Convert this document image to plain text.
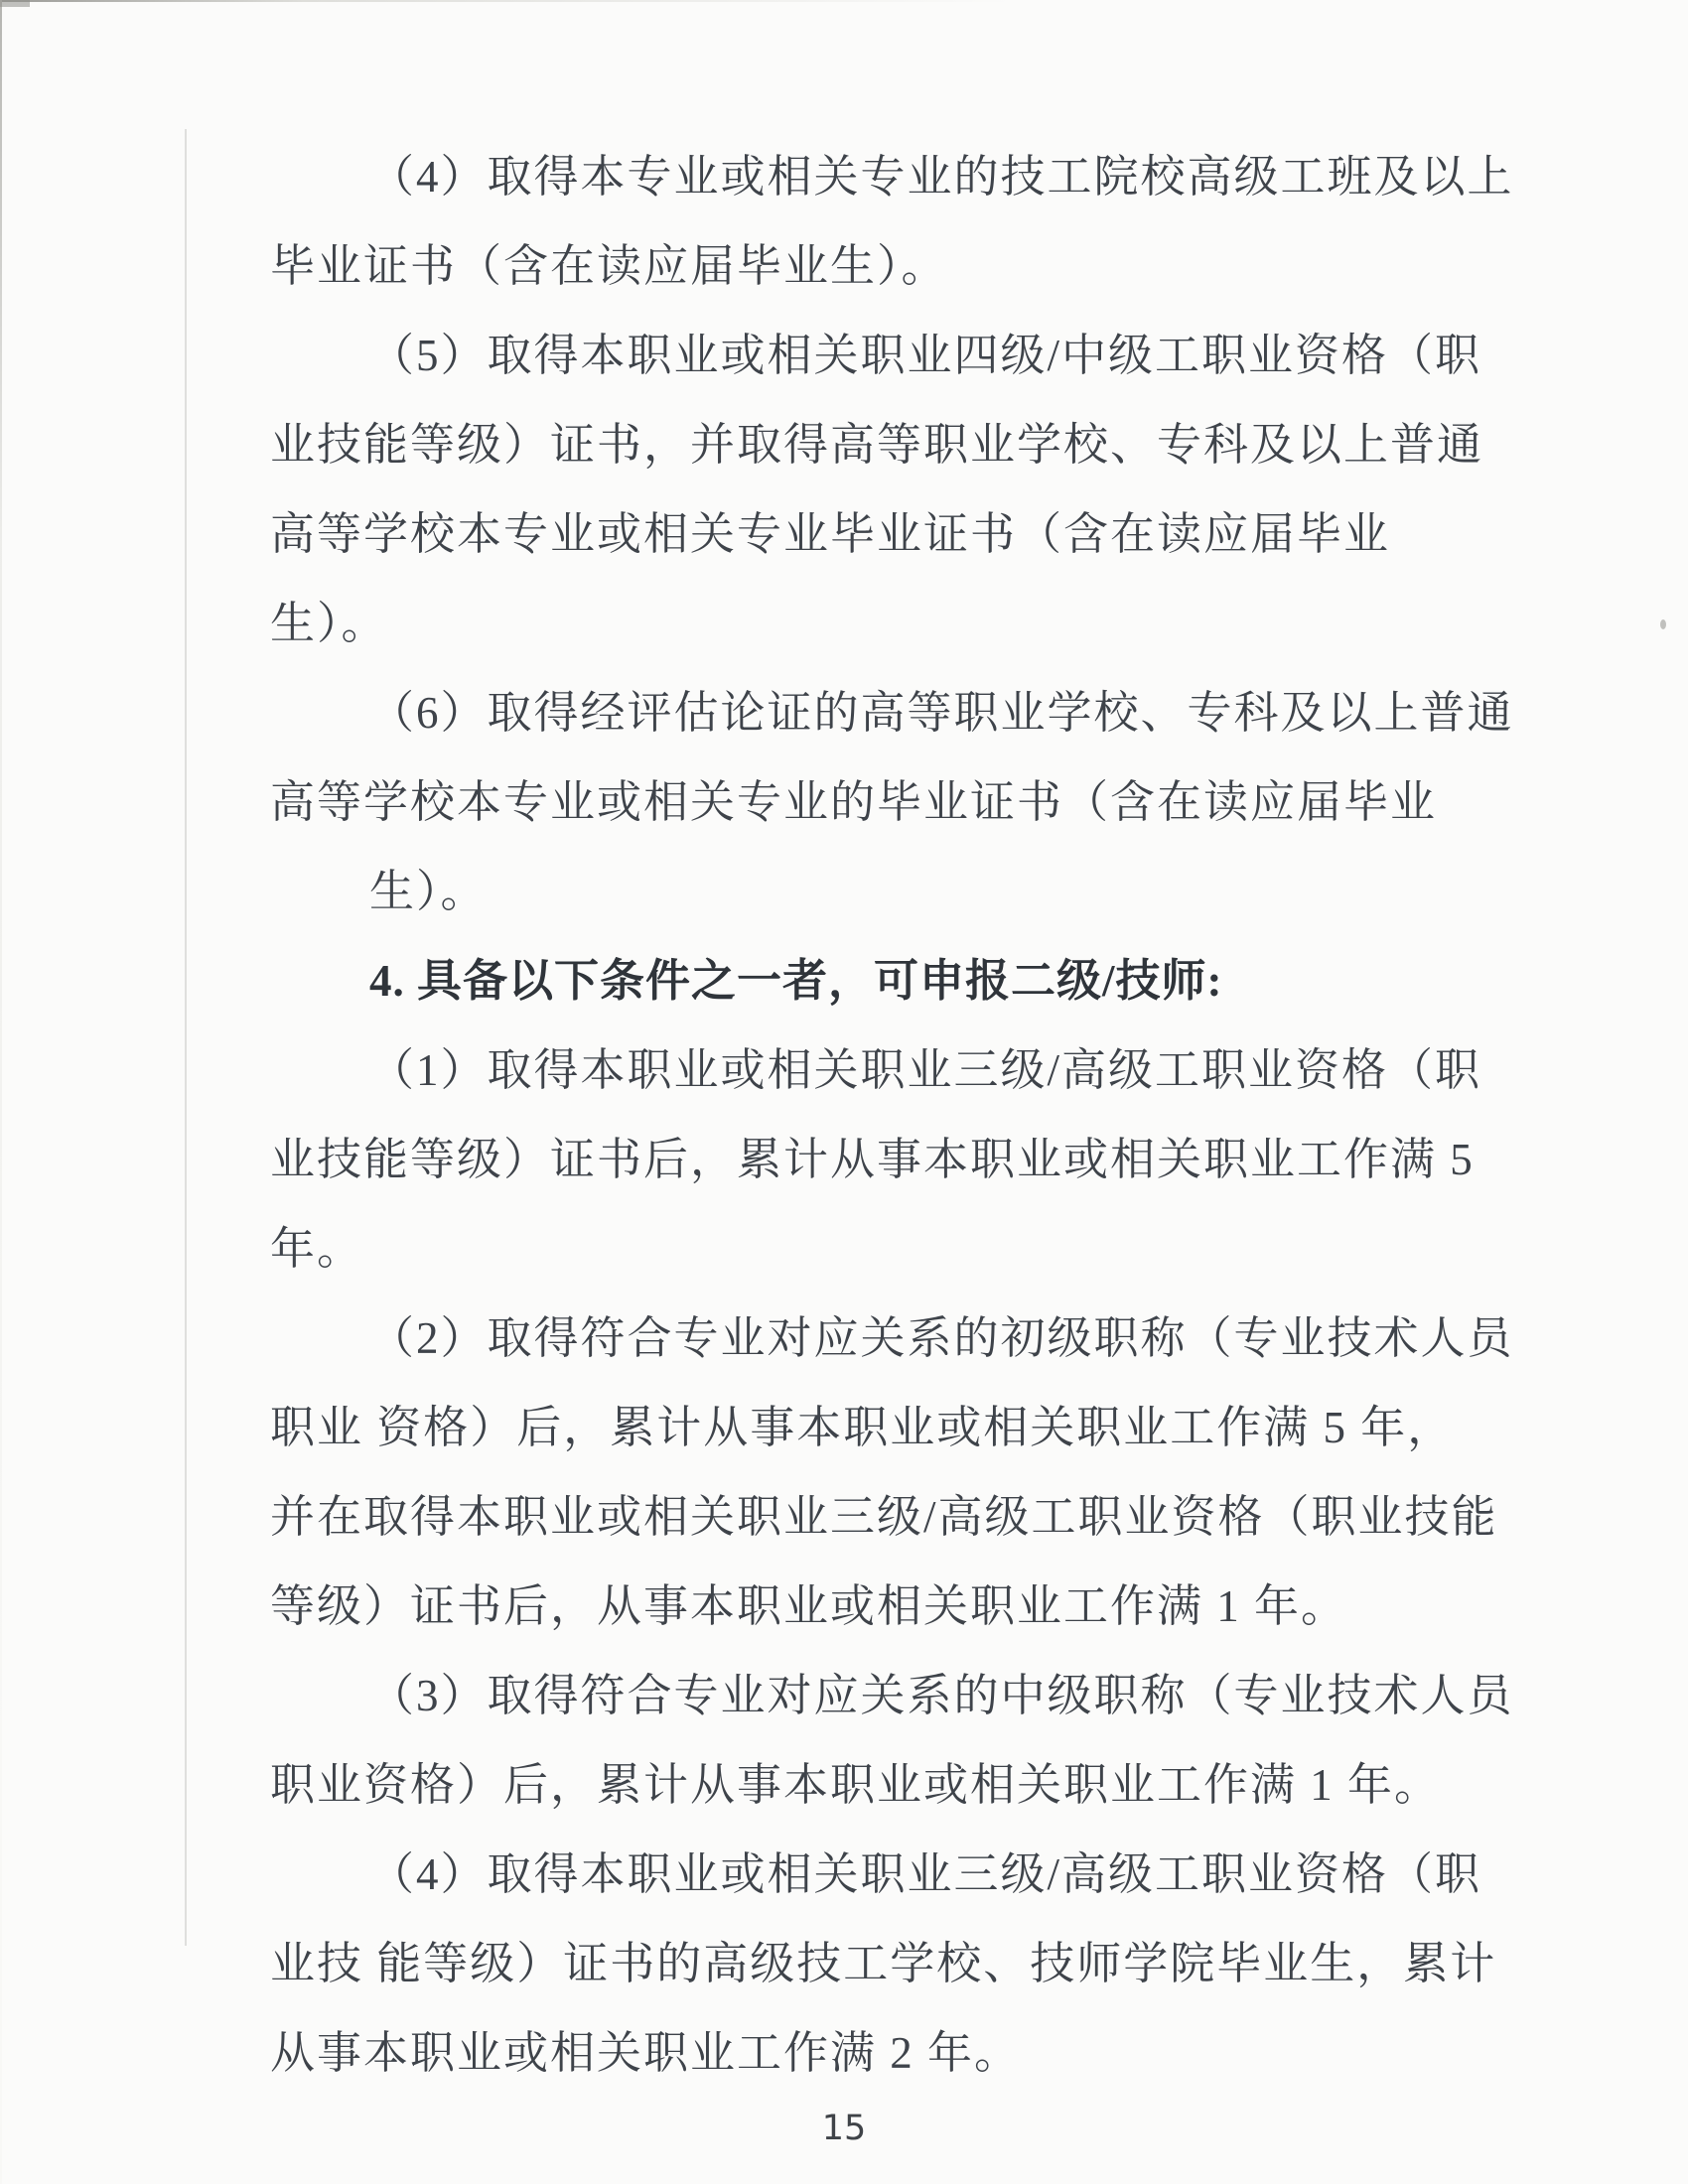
（4）取得本专业或相关专业的技工院校高级工班及以上
毕业证书（含在读应届毕业生）。
（5）取得本职业或相关职业四级/中级工职业资格（职
业技能等级）证书，并取得高等职业学校、专科及以上普通
高等学校本专业或相关专业毕业证书（含在读应届毕业
生）。
（6）取得经评估论证的高等职业学校、专科及以上普通
高等学校本专业或相关专业的毕业证书（含在读应届毕业
生）。
4. 具备以下条件之一者，可申报二级/技师:
（1）取得本职业或相关职业三级/高级工职业资格（职
业技能等级）证书后，累计从事本职业或相关职业工作满 5
年。
（2）取得符合专业对应关系的初级职称（专业技术人员
职业 资格）后，累计从事本职业或相关职业工作满 5 年，
并在取得本职业或相关职业三级/高级工职业资格（职业技能
等级）证书后，从事本职业或相关职业工作满 1 年。
（3）取得符合专业对应关系的中级职称（专业技术人员
职业资格）后，累计从事本职业或相关职业工作满 1 年。
（4）取得本职业或相关职业三级/高级工职业资格（职
业技 能等级）证书的高级技工学校、技师学院毕业生，累计
从事本职业或相关职业工作满 2 年。
15
